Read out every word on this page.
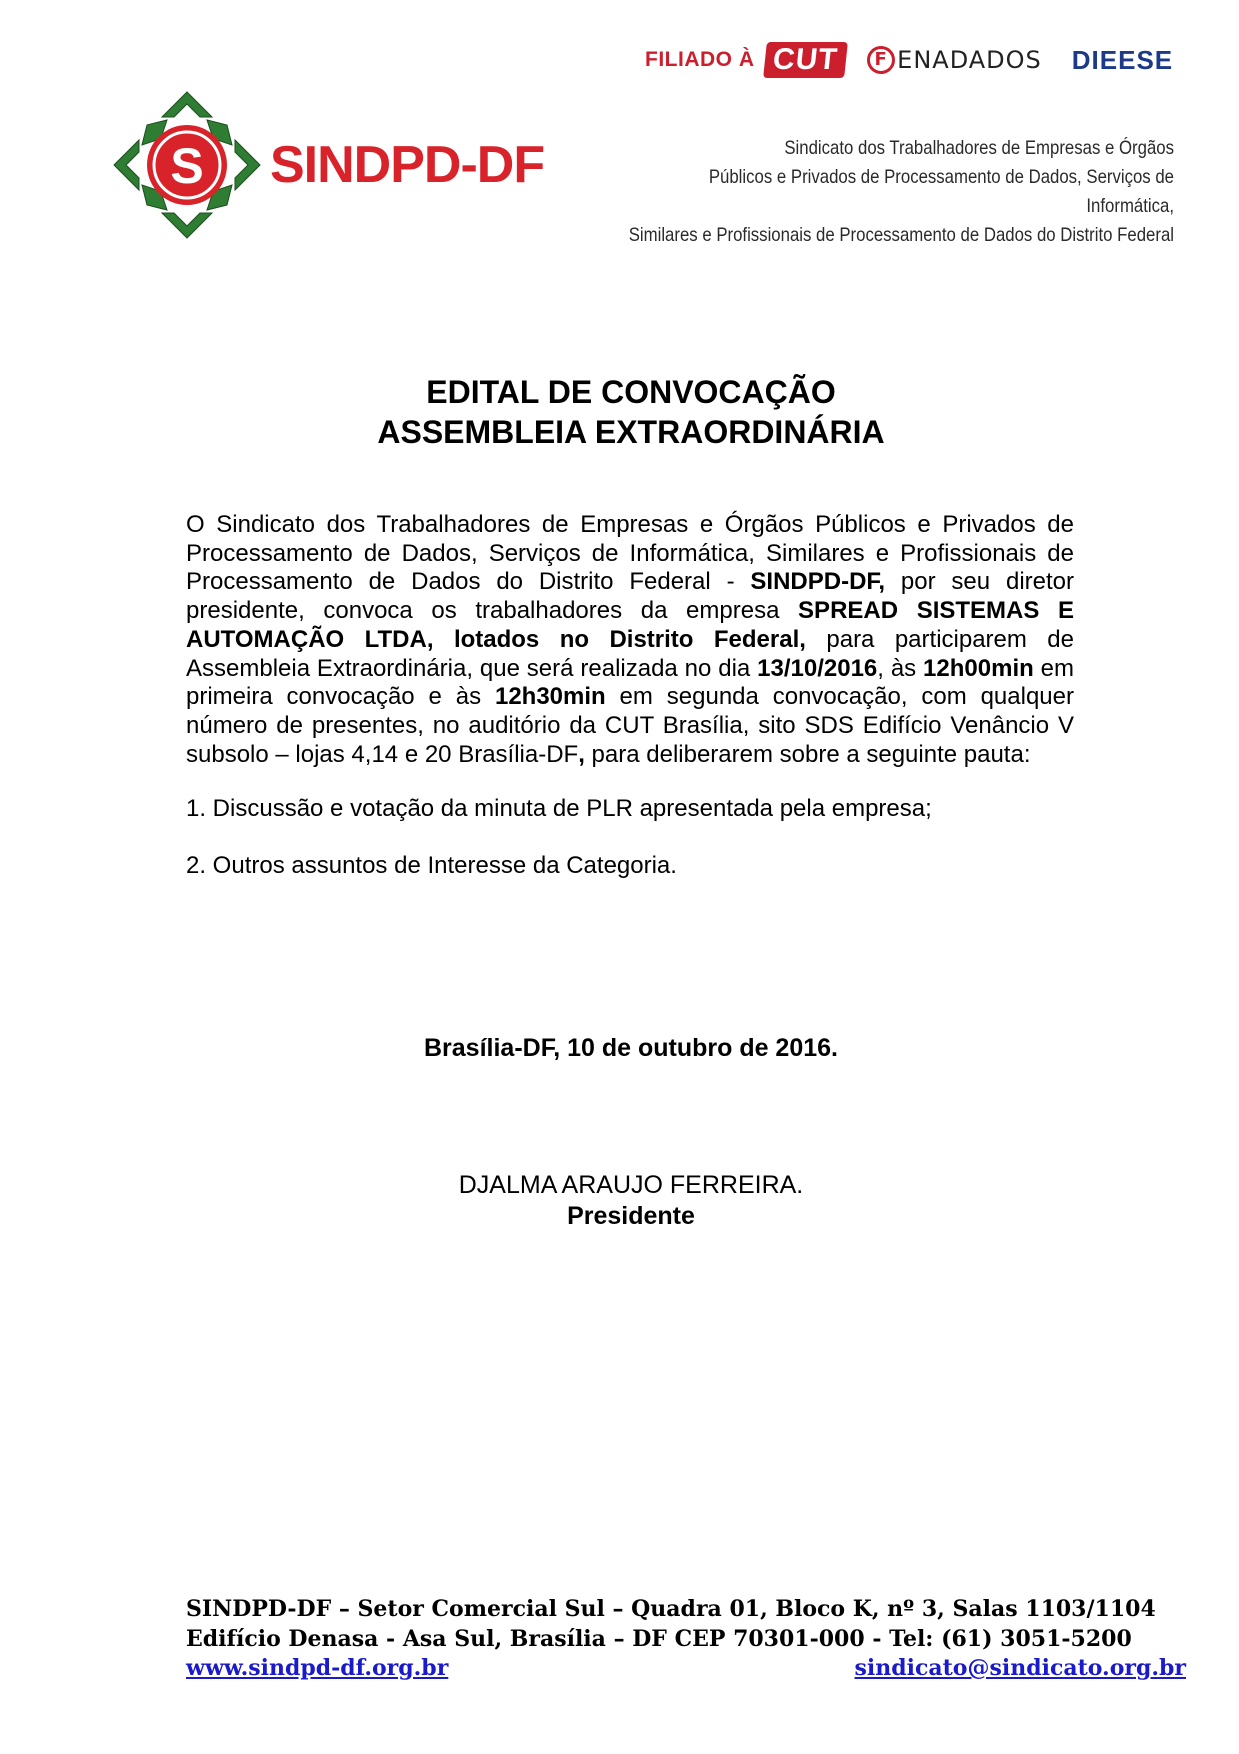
FILIADO À CUT	F ENADADOS DIEESE
S SINDPD-DF	Sindicato dos Trabalhadores de Empresas e Órgãos
Públicos e Privados de Processamento de Dados, Serviços de Informática,
Similares e Profissionais de Processamento de Dados do Distrito Federal
EDITAL DE CONVOCAÇÃO
ASSEMBLEIA EXTRAORDINÁRIA

O Sindicato dos Trabalhadores de Empresas e Órgãos Públicos e Privados de Processamento de Dados, Serviços de Informática, Similares e Profissionais de Processamento de Dados do Distrito Federal - SINDPD-DF, por seu diretor presidente, convoca os trabalhadores da empresa SPREAD SISTEMAS E AUTOMAÇÃO LTDA, lotados no Distrito Federal, para participarem de Assembleia Extraordinária, que será realizada no dia 13/10/2016, às 12h00min em primeira convocação e às 12h30min em segunda convocação, com qualquer número de presentes, no auditório da CUT Brasília, sito SDS Edifício Venâncio V subsolo – lojas 4,14 e 20 Brasília-DF, para deliberarem sobre a seguinte pauta:

1. Discussão e votação da minuta de PLR apresentada pela empresa;

2. Outros assuntos de Interesse da Categoria.

Brasília-DF, 10 de outubro de 2016.
DJALMA ARAUJO FERREIRA.
Presidente
SINDPD-DF – Setor Comercial Sul – Quadra 01, Bloco K, nº 3, Salas 1103/1104
Edifício Denasa - Asa Sul, Brasília – DF CEP 70301-000 - Tel: (61) 3051-5200
www.sindpd-df.org.br	sindicato@sindicato.org.br
